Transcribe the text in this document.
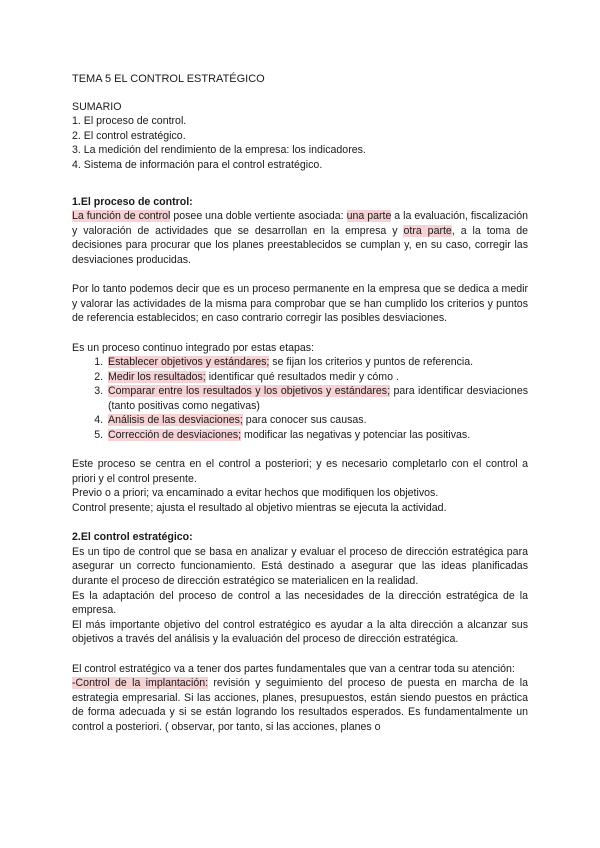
TEMA 5 EL CONTROL ESTRATÉGICO

SUMARIO

1. El proceso de control.

2. El control estratégico.

3. La medición del rendimiento de la empresa: los indicadores.

4. Sistema de información para el control estratégico.

1.El proceso de control:

La función de control posee una doble vertiente asociada: una parte a la evaluación, fiscalización y valoración de actividades que se desarrollan en la empresa y otra parte, a la toma de decisiones para procurar que los planes preestablecidos se cumplan y, en su caso, corregir las desviaciones producidas.

Por lo tanto podemos decir que es un proceso permanente en la empresa que se dedica a medir y valorar las actividades de la misma para comprobar que se han cumplido los criterios y puntos de referencia establecidos; en caso contrario corregir las posibles desviaciones.

Es un proceso continuo integrado por estas etapas:

1. Establecer objetivos y estándares; se fijan los criterios y puntos de referencia.
2. Medir los resultados; identificar qué resultados medir y cómo .
3. Comparar entre los resultados y los objetivos y estándares; para identificar desviaciones (tanto positivas como negativas)
4. Análisis de las desviaciones; para conocer sus causas.
5. Corrección de desviaciones; modificar las negativas y potenciar las positivas.

Este proceso se centra en el control a posteriori; y es necesario completarlo con el control a priori y el control presente.

Previo o a priori; va encaminado a evitar hechos que modifiquen los objetivos.

Control presente; ajusta el resultado al objetivo mientras se ejecuta la actividad.

2.El control estratégico:

Es un tipo de control que se basa en analizar y evaluar el proceso de dirección estratégica para asegurar un correcto funcionamiento. Está destinado a asegurar que las ideas planificadas durante el proceso de dirección estratégico se materialicen en la realidad.

Es la adaptación del proceso de control a las necesidades de la dirección estratégica de la empresa.

El más importante objetivo del control estratégico es ayudar a la alta dirección a alcanzar sus objetivos a través del análisis y la evaluación del proceso de dirección estratégica.

El control estratégico va a tener dos partes fundamentales que van a centrar toda su atención:

-Control de la implantación: revisión y seguimiento del proceso de puesta en marcha de la estrategia empresarial. Si las acciones, planes, presupuestos, están siendo puestos en práctica de forma adecuada y si se están logrando los resultados esperados. Es fundamentalmente un control a posteriori. ( observar, por tanto, si las acciones, planes o
